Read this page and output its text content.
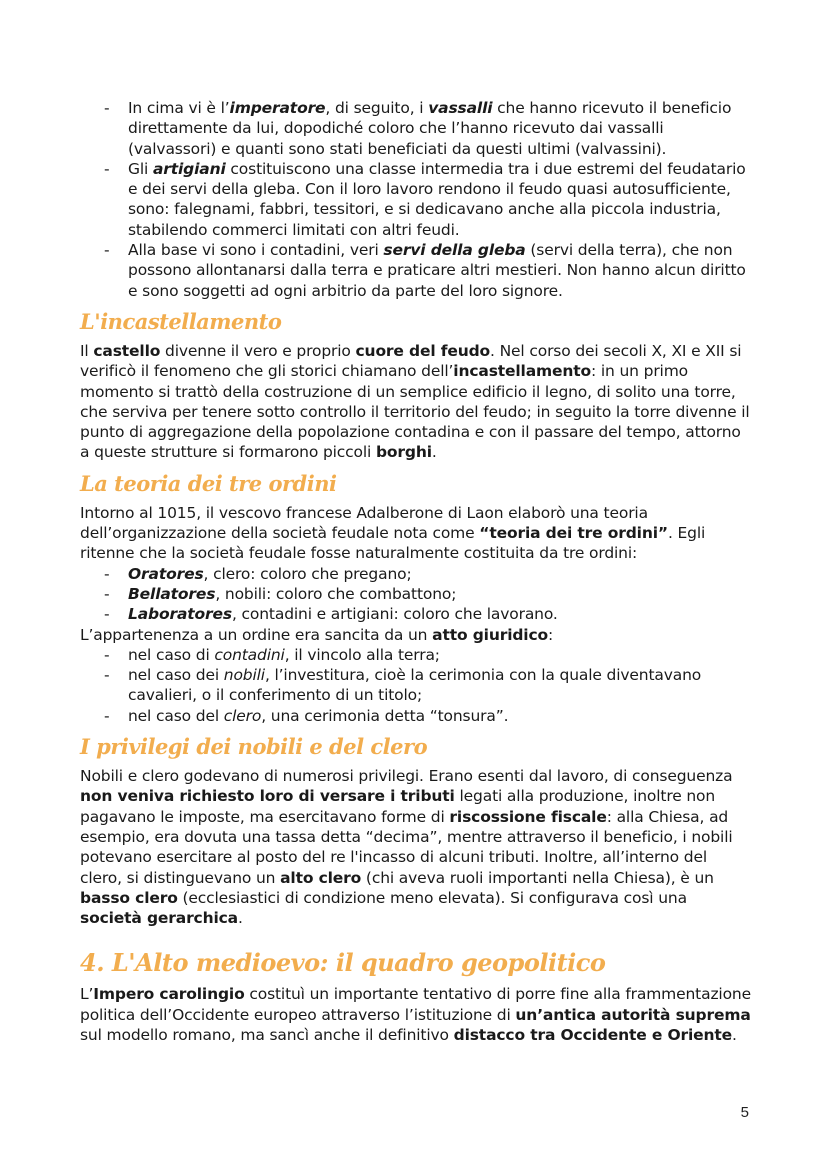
- In cima vi è l’imperatore, di seguito, i vassalli che hanno ricevuto il beneficio direttamente da lui, dopodiché coloro che l’hanno ricevuto dai vassalli (valvassori) e quanti sono stati beneficiati da questi ultimi (valvassini).
- Gli artigiani costituiscono una classe intermedia tra i due estremi del feudatario e dei servi della gleba. Con il loro lavoro rendono il feudo quasi autosufficiente, sono: falegnami, fabbri, tessitori, e si dedicavano anche alla piccola industria, stabilendo commerci limitati con altri feudi.
- Alla base vi sono i contadini, veri servi della gleba (servi della terra), che non possono allontanarsi dalla terra e praticare altri mestieri. Non hanno alcun diritto e sono soggetti ad ogni arbitrio da parte del loro signore.
L'incastellamento

Il castello divenne il vero e proprio cuore del feudo. Nel corso dei secoli X, XI e XII si verificò il fenomeno che gli storici chiamano dell’incastellamento: in un primo momento si trattò della costruzione di un semplice edificio il legno, di solito una torre, che serviva per tenere sotto controllo il territorio del feudo; in seguito la torre divenne il punto di aggregazione della popolazione contadina e con il passare del tempo, attorno a queste strutture si formarono piccoli borghi.

La teoria dei tre ordini

Intorno al 1015, il vescovo francese Adalberone di Laon elaborò una teoria dell’organizzazione della società feudale nota come “teoria dei tre ordini”. Egli ritenne che la società feudale fosse naturalmente costituita da tre ordini:

- Oratores, clero: coloro che pregano;
- Bellatores, nobili: coloro che combattono;
- Laboratores, contadini e artigiani: coloro che lavorano.

L’appartenenza a un ordine era sancita da un atto giuridico:

- nel caso di contadini, il vincolo alla terra;
- nel caso dei nobili, l’investitura, cioè la cerimonia con la quale diventavano cavalieri, o il conferimento di un titolo;
- nel caso del clero, una cerimonia detta “tonsura”.
I privilegi dei nobili e del clero

Nobili e clero godevano di numerosi privilegi. Erano esenti dal lavoro, di conseguenza non veniva richiesto loro di versare i tributi legati alla produzione, inoltre non pagavano le imposte, ma esercitavano forme di riscossione fiscale: alla Chiesa, ad esempio, era dovuta una tassa detta “decima”, mentre attraverso il beneficio, i nobili potevano esercitare al posto del re l'incasso di alcuni tributi. Inoltre, all’interno del clero, si distinguevano un alto clero (chi aveva ruoli importanti nella Chiesa), è un basso clero (ecclesiastici di condizione meno elevata). Si configurava così una società gerarchica.

4. L'Alto medioevo: il quadro geopolitico

L’Impero carolingio costituì un importante tentativo di porre fine alla frammentazione politica dell’Occidente europeo attraverso l’istituzione di un’antica autorità suprema sul modello romano, ma sancì anche il definitivo distacco tra Occidente e Oriente.

5
